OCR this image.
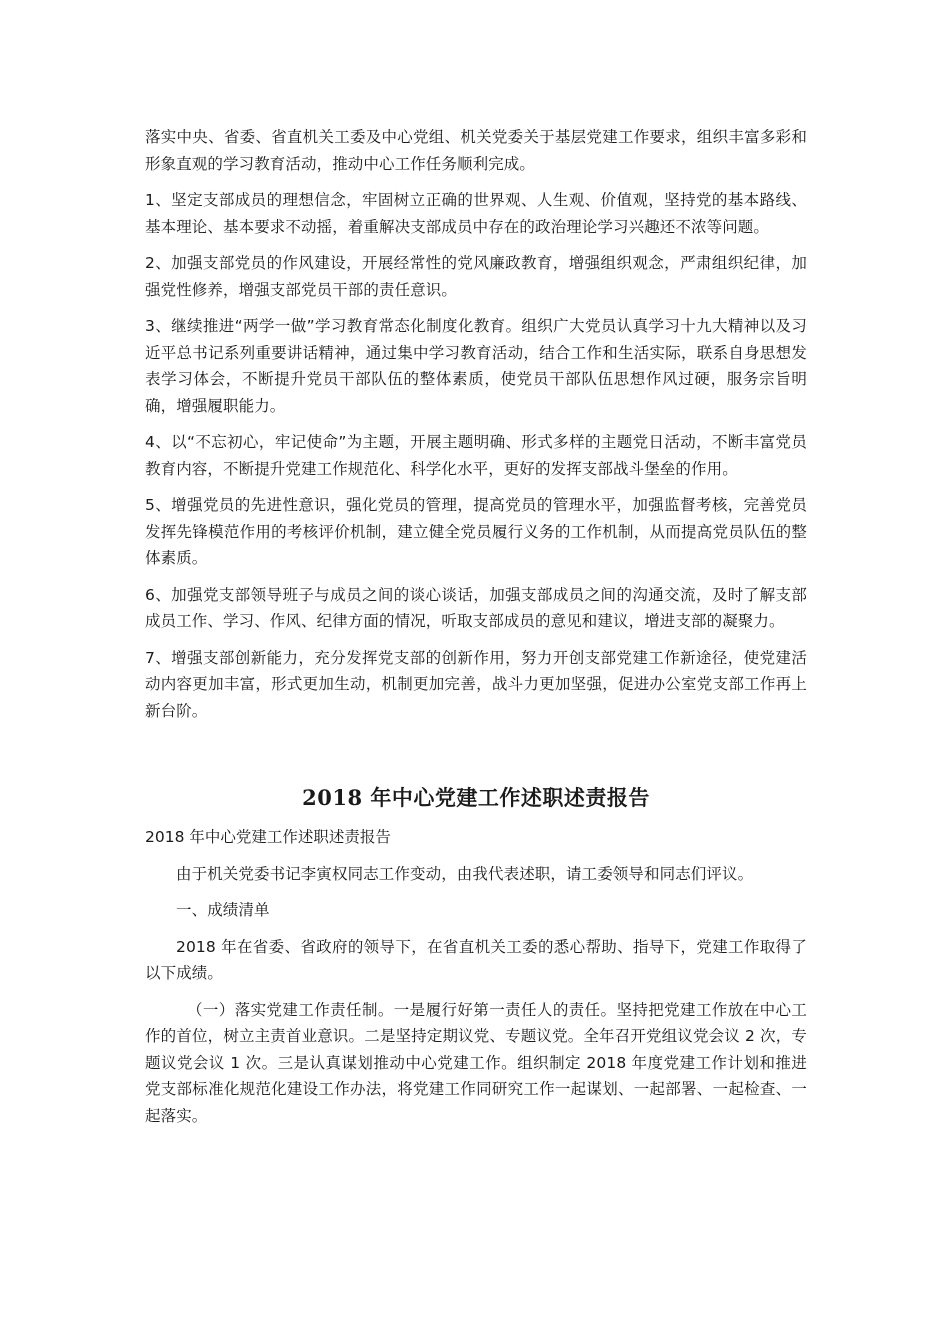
落实中央、省委、省直机关工委及中心党组、机关党委关于基层党建工作要求，组织丰富多彩和形象直观的学习教育活动，推动中心工作任务顺利完成。

1、坚定支部成员的理想信念，牢固树立正确的世界观、人生观、价值观，坚持党的基本路线、基本理论、基本要求不动摇，着重解决支部成员中存在的政治理论学习兴趣还不浓等问题。

2、加强支部党员的作风建设，开展经常性的党风廉政教育，增强组织观念，严肃组织纪律，加强党性修养，增强支部党员干部的责任意识。

3、继续推进“两学一做”学习教育常态化制度化教育。组织广大党员认真学习十九大精神以及习近平总书记系列重要讲话精神，通过集中学习教育活动，结合工作和生活实际，联系自身思想发表学习体会，不断提升党员干部队伍的整体素质，使党员干部队伍思想作风过硬，服务宗旨明确，增强履职能力。

4、以“不忘初心，牢记使命”为主题，开展主题明确、形式多样的主题党日活动，不断丰富党员教育内容，不断提升党建工作规范化、科学化水平，更好的发挥支部战斗堡垒的作用。

5、增强党员的先进性意识，强化党员的管理，提高党员的管理水平，加强监督考核，完善党员发挥先锋模范作用的考核评价机制，建立健全党员履行义务的工作机制，从而提高党员队伍的整体素质。

6、加强党支部领导班子与成员之间的谈心谈话，加强支部成员之间的沟通交流，及时了解支部成员工作、学习、作风、纪律方面的情况，听取支部成员的意见和建议，增进支部的凝聚力。

7、增强支部创新能力，充分发挥党支部的创新作用，努力开创支部党建工作新途径，使党建活动内容更加丰富，形式更加生动，机制更加完善，战斗力更加坚强，促进办公室党支部工作再上新台阶。

2018 年中心党建工作述职述责报告

2018 年中心党建工作述职述责报告

由于机关党委书记李寅权同志工作变动，由我代表述职，请工委领导和同志们评议。

一、成绩清单

2018 年在省委、省政府的领导下，在省直机关工委的悉心帮助、指导下，党建工作取得了以下成绩。

（一）落实党建工作责任制。一是履行好第一责任人的责任。坚持把党建工作放在中心工作的首位，树立主责首业意识。二是坚持定期议党、专题议党。全年召开党组议党会议 2 次，专题议党会议 1 次。三是认真谋划推动中心党建工作。组织制定 2018 年度党建工作计划和推进党支部标准化规范化建设工作办法，将党建工作同研究工作一起谋划、一起部署、一起检查、一起落实。
